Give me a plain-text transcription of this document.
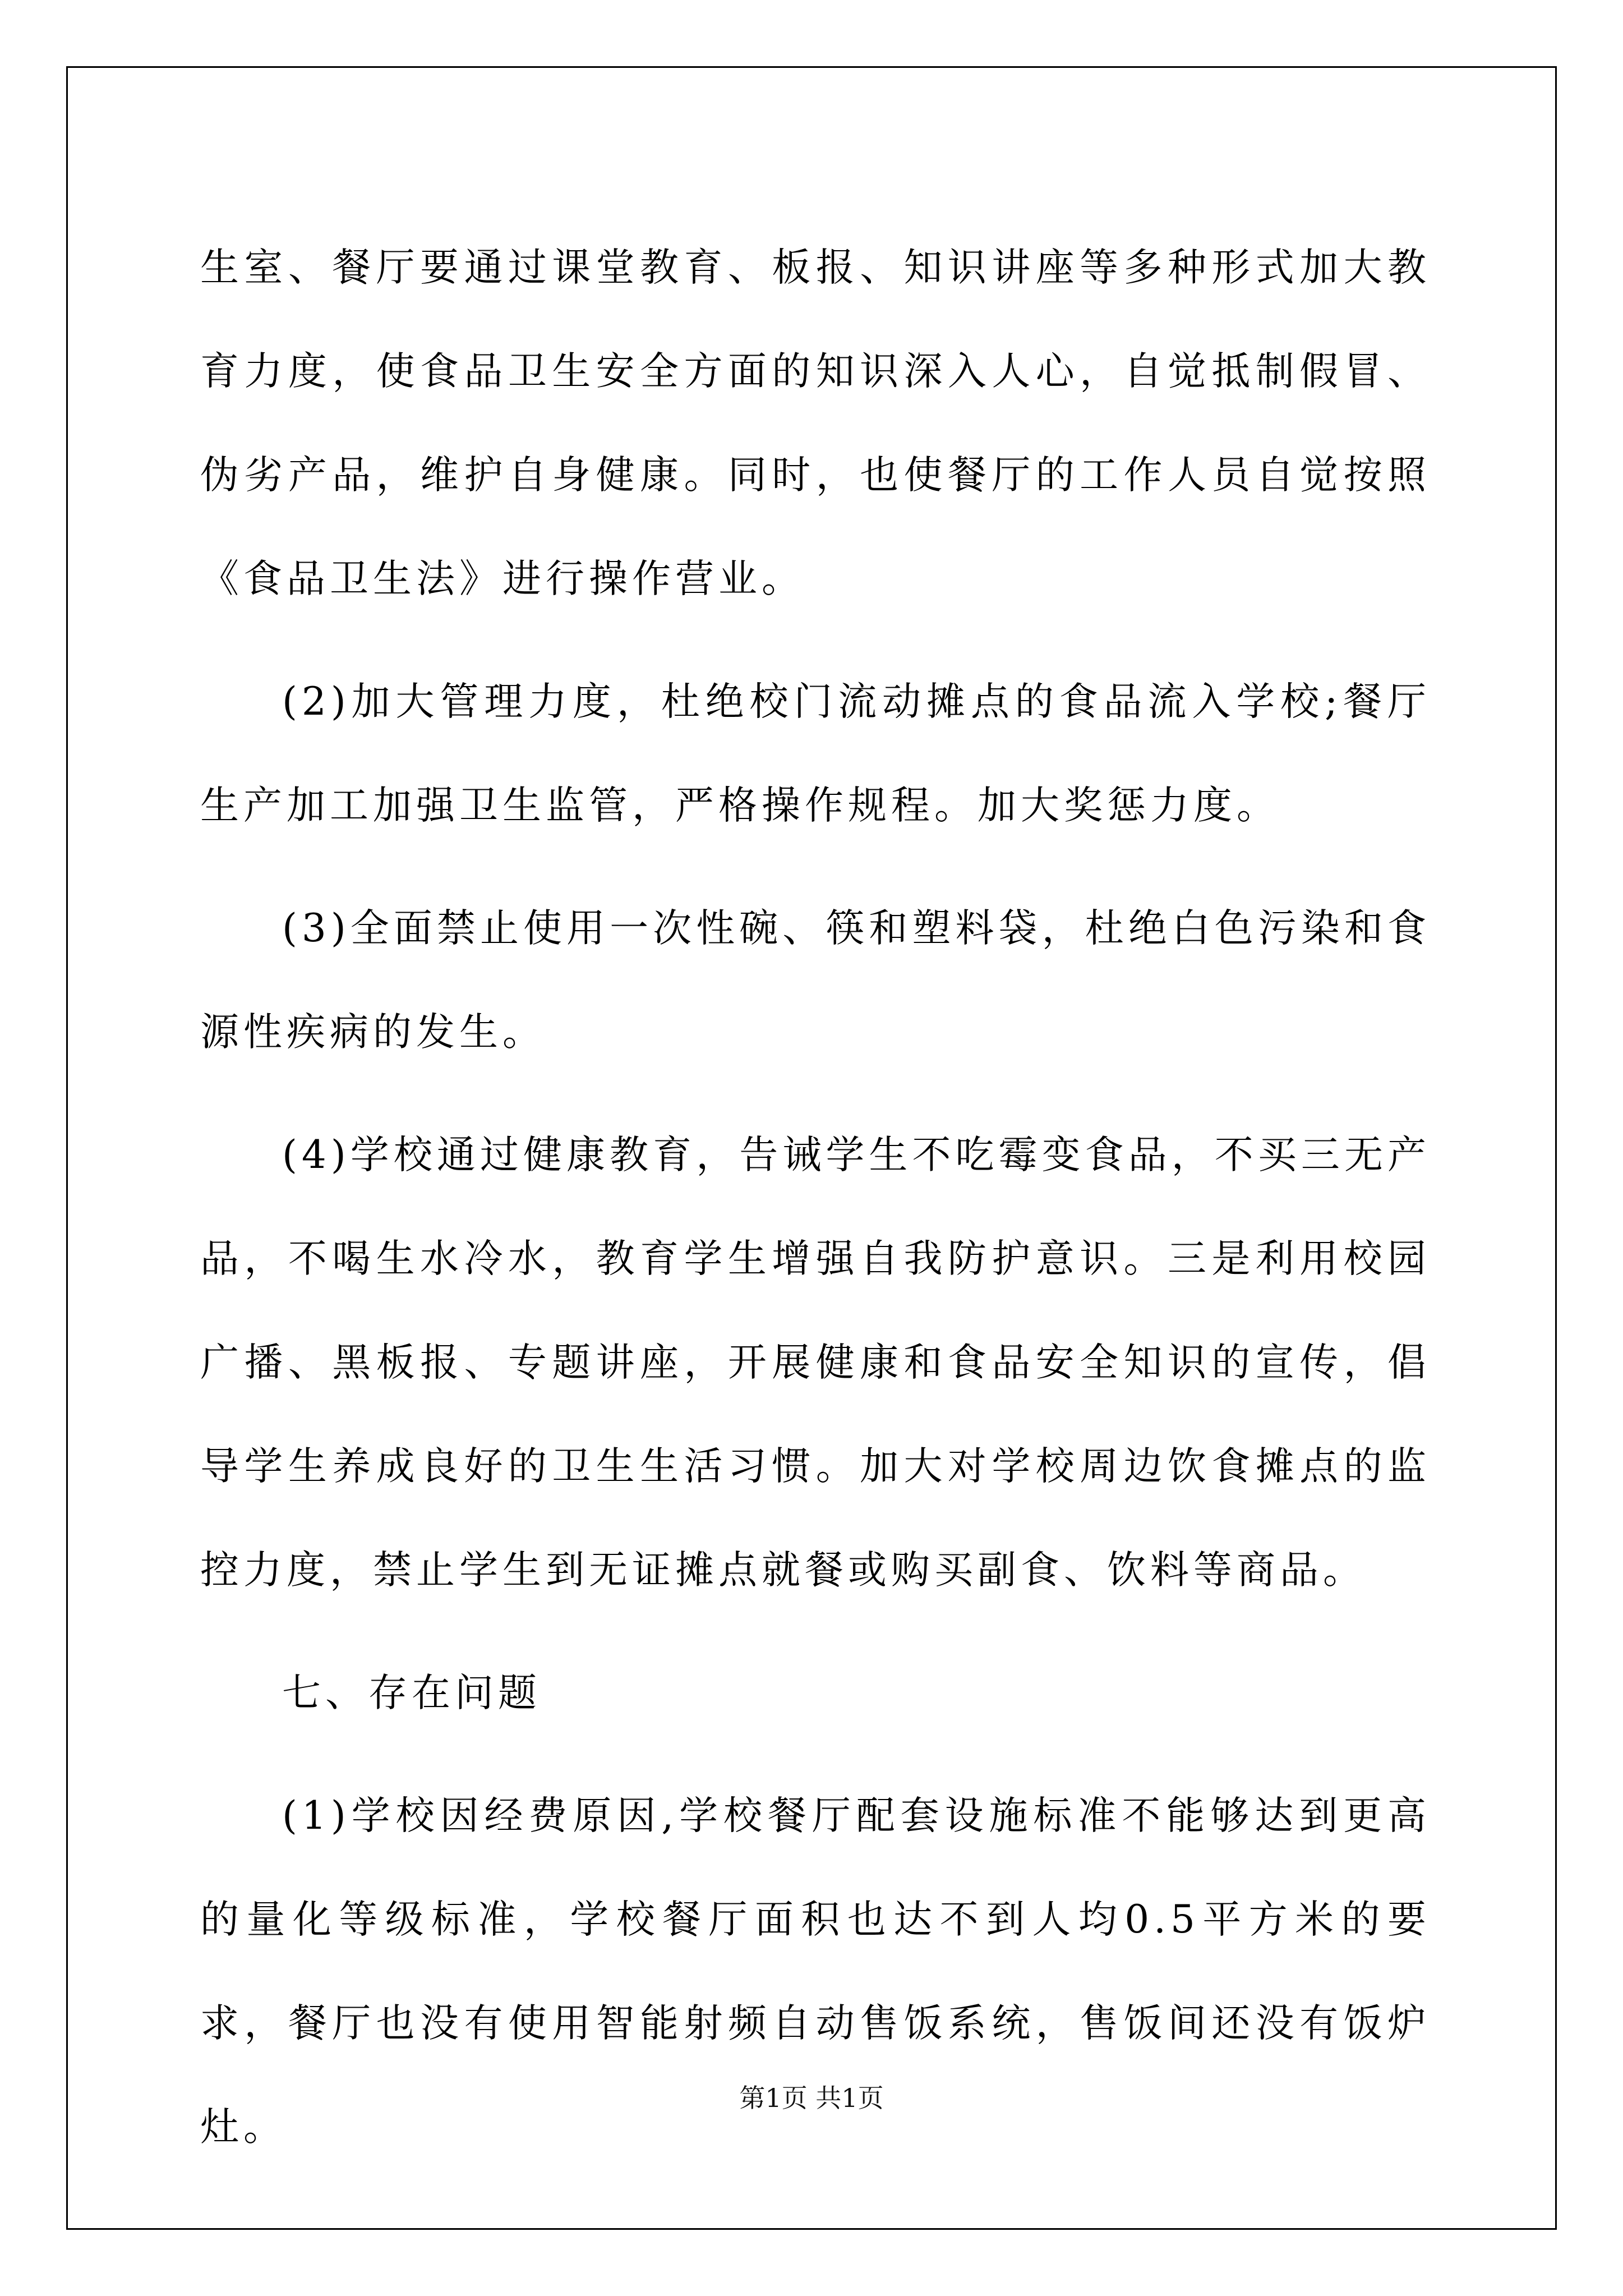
生室、餐厅要通过课堂教育、板报、知识讲座等多种形式加大教育力度，使食品卫生安全方面的知识深入人心，自觉抵制假冒、伪劣产品，维护自身健康。同时，也使餐厅的工作人员自觉按照《食品卫生法》进行操作营业。

(2)加大管理力度，杜绝校门流动摊点的食品流入学校;餐厅生产加工加强卫生监管，严格操作规程。加大奖惩力度。

(3)全面禁止使用一次性碗、筷和塑料袋，杜绝白色污染和食源性疾病的发生。

(4)学校通过健康教育，告诫学生不吃霉变食品，不买三无产品，不喝生水冷水，教育学生增强自我防护意识。三是利用校园广播、黑板报、专题讲座，开展健康和食品安全知识的宣传，倡导学生养成良好的卫生生活习惯。加大对学校周边饮食摊点的监控力度，禁止学生到无证摊点就餐或购买副食、饮料等商品。

七、存在问题

(1)学校因经费原因,学校餐厅配套设施标准不能够达到更高的量化等级标准，学校餐厅面积也达不到人均0.5平方米的要求，餐厅也没有使用智能射频自动售饭系统，售饭间还没有饭炉灶。

第1页 共1页
